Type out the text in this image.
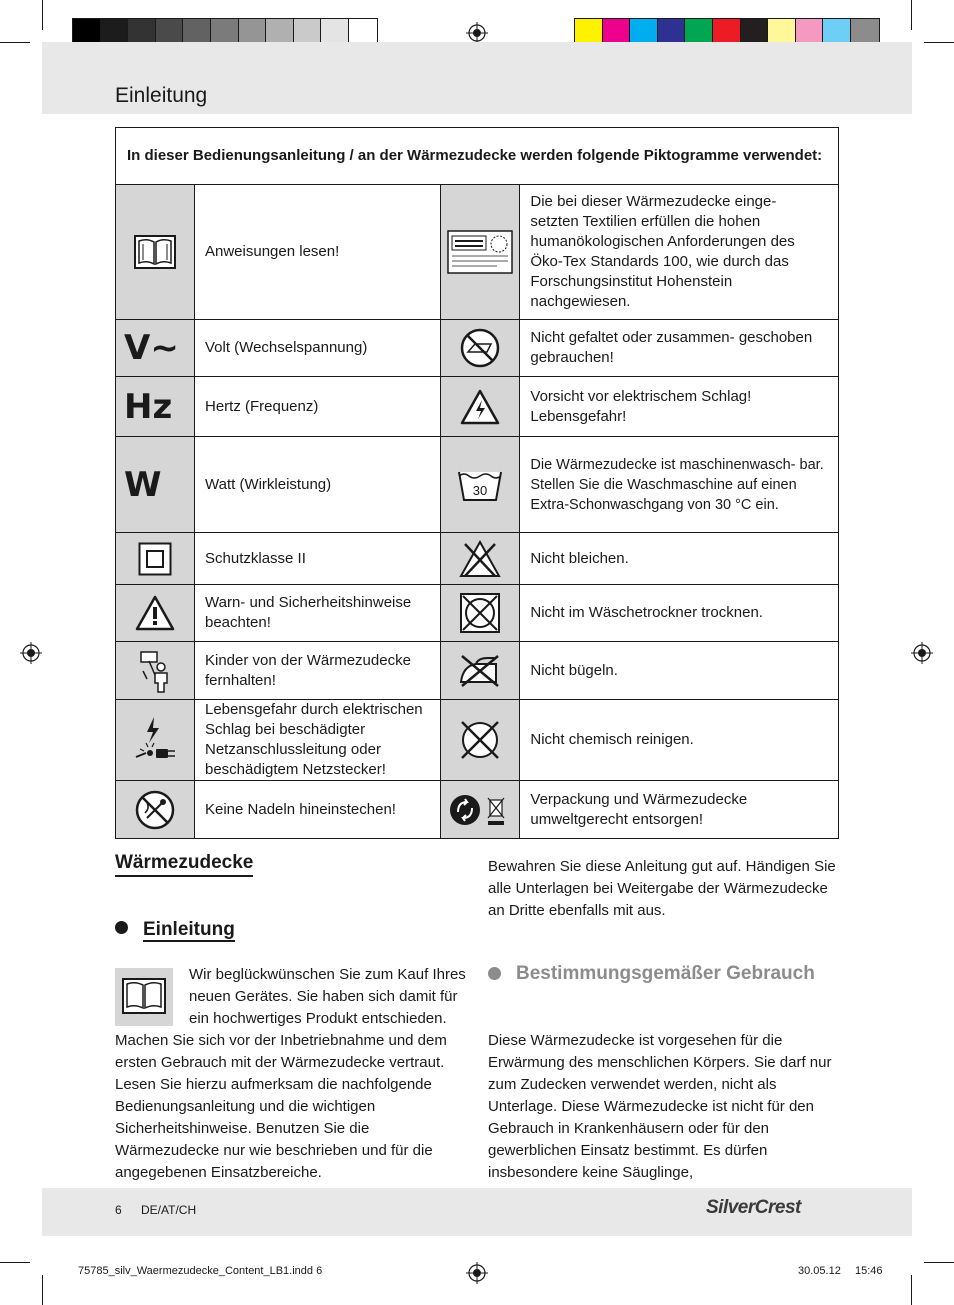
Einleitung
In dieser Bedienungsanleitung / an der Wärmezudecke werden folgende Piktogramme verwendet:			

	Anweisungen lesen!		Die bei dieser Wärmezudecke einge- setzten Textilien erfüllen die hohen humanökologischen Anforderungen des Öko-Tex Standards 100, wie durch das Forschungsinstitut Hohenstein nachgewiesen.
V~	Volt (Wechselspannung)		Nicht gefaltet oder zusammen- geschoben gebrauchen!
Hz	Hertz (Frequenz)		Vorsicht vor elektrischem Schlag! Lebensgefahr!
W	Watt (Wirkleistung)	30	Die Wärmezudecke ist maschinenwasch- bar. Stellen Sie die Waschmaschine auf einen Extra-Schonwaschgang von 30 °C ein.

	Schutzklasse II		Nicht bleichen.

	Warn- und Sicherheitshinweise beachten!		Nicht im Wäschetrockner trocknen.

	Kinder von der Wärmezudecke fernhalten!		Nicht bügeln.

	Lebensgefahr durch elektrischen Schlag bei beschädigter Netzanschlussleitung oder beschädigtem Netzstecker!		Nicht chemisch reinigen.

	Keine Nadeln hineinstechen!		Verpackung und Wärmezudecke umweltgerecht entsorgen!
Wärmezudecke
Einleitung
Wir beglückwünschen Sie zum Kauf Ihres neuen Gerätes. Sie haben sich damit für ein hochwertiges Produkt entschieden.
Machen Sie sich vor der Inbetriebnahme und dem ersten Gebrauch mit der Wärmezudecke vertraut. Lesen Sie hierzu aufmerksam die nachfolgende Bedienungsanleitung und die wichtigen Sicherheitshinweise. Benutzen Sie die Wärmezudecke nur wie beschrieben und für die angegebenen Einsatzbereiche.
Bewahren Sie diese Anleitung gut auf. Händigen Sie alle Unterlagen bei Weitergabe der Wärmezudecke an Dritte ebenfalls mit aus.
Bestimmungsgemäßer Gebrauch
Diese Wärmezudecke ist vorgesehen für die Erwärmung des menschlichen Körpers. Sie darf nur zum Zudecken verwendet werden, nicht als Unterlage. Diese Wärmezudecke ist nicht für den Gebrauch in Krankenhäusern oder für den gewerblichen Einsatz bestimmt. Es dürfen insbesondere keine Säuglinge,
6 DE/AT/CH	SilverCrest
75785_silv_Waermezudecke_Content_LB1.indd 6	30.05.12 15:46
